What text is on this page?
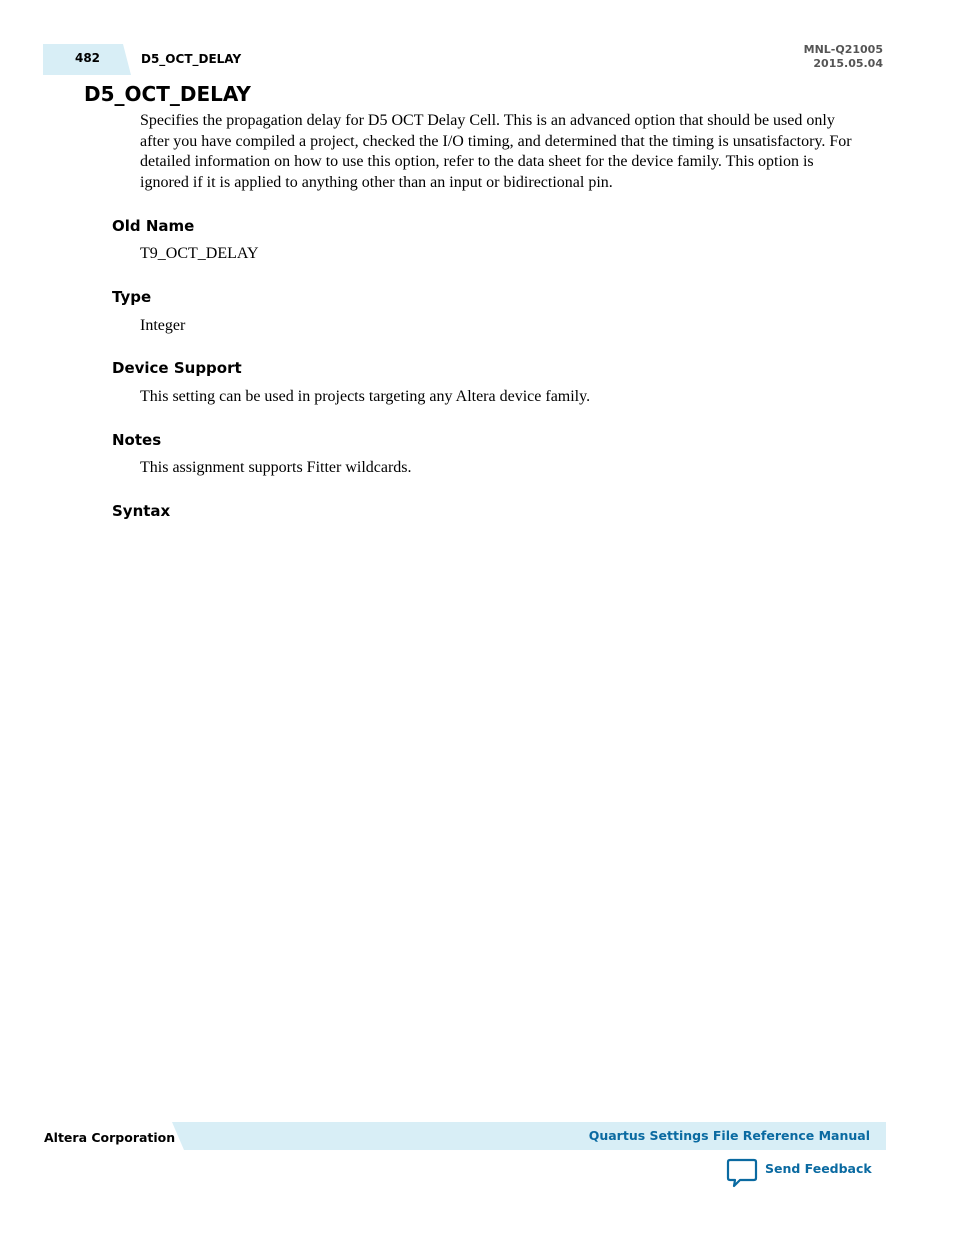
482	D5_OCT_DELAY
MNL-Q21005
2015.05.04
D5_OCT_DELAY
Specifies the propagation delay for D5 OCT Delay Cell. This is an advanced option that should be used only after you have compiled a project, checked the I/O timing, and determined that the timing is unsatisfactory. For detailed information on how to use this option, refer to the data sheet for the device family. This option is ignored if it is applied to anything other than an input or bidirectional pin.
Old Name
T9_OCT_DELAY
Type
Integer
Device Support
This setting can be used in projects targeting any Altera device family.
Notes
This assignment supports Fitter wildcards.
Syntax
Altera Corporation	Quartus Settings File Reference Manual
Send Feedback
